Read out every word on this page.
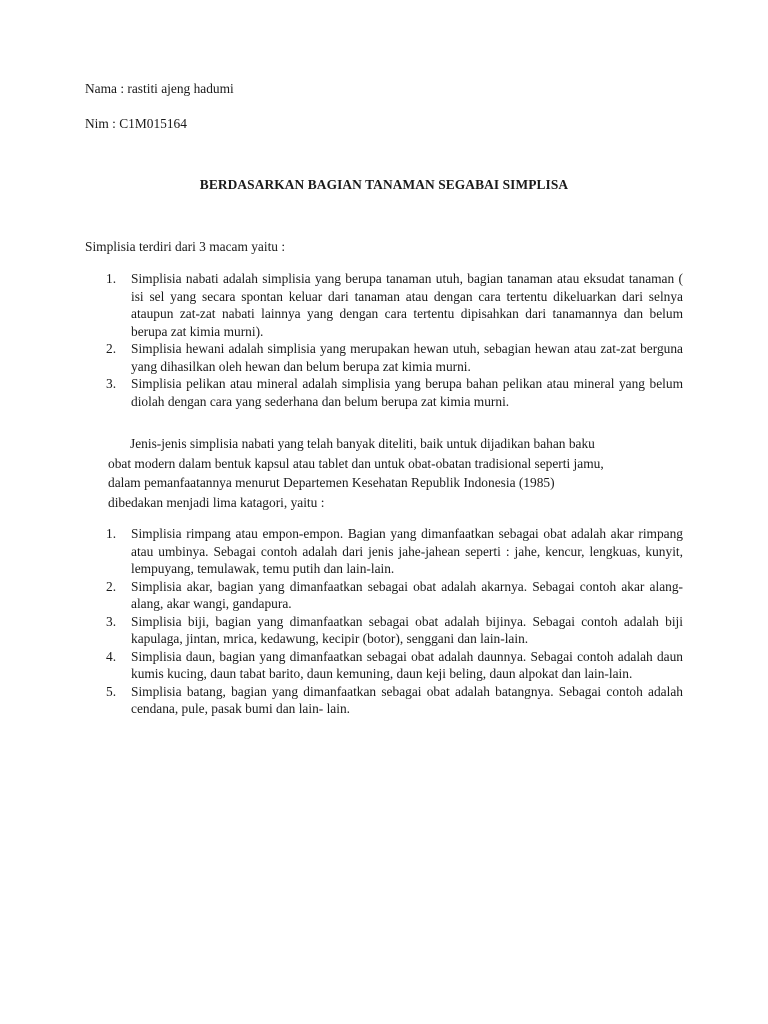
Nama : rastiti ajeng hadumi
Nim : C1M015164
BERDASARKAN BAGIAN TANAMAN SEGABAI SIMPLISA
Simplisia terdiri dari 3 macam yaitu :
1. Simplisia nabati adalah simplisia yang berupa tanaman utuh, bagian tanaman atau eksudat tanaman ( isi sel yang secara spontan keluar dari tanaman atau dengan cara tertentu dikeluarkan dari selnya ataupun zat-zat nabati lainnya yang dengan cara tertentu dipisahkan dari tanamannya dan belum berupa zat kimia murni).
2. Simplisia hewani adalah simplisia yang merupakan hewan utuh, sebagian hewan atau zat-zat berguna yang dihasilkan oleh hewan dan belum berupa zat kimia murni.
3. Simplisia pelikan atau mineral adalah simplisia yang berupa bahan pelikan atau mineral yang belum diolah dengan cara yang sederhana dan belum berupa zat kimia murni.
Jenis-jenis simplisia nabati yang telah banyak diteliti, baik untuk dijadikan bahan baku
obat modern dalam bentuk kapsul atau tablet dan untuk obat-obatan tradisional seperti jamu,
dalam pemanfaatannya menurut Departemen Kesehatan Republik Indonesia (1985)
dibedakan menjadi lima katagori, yaitu :
1. Simplisia rimpang atau empon-empon. Bagian yang dimanfaatkan sebagai obat adalah akar rimpang atau umbinya. Sebagai contoh adalah dari jenis jahe-jahean seperti : jahe, kencur, lengkuas, kunyit, lempuyang, temulawak, temu putih dan lain-lain.
2. Simplisia akar, bagian yang dimanfaatkan sebagai obat adalah akarnya. Sebagai contoh akar alang- alang, akar wangi, gandapura.
3. Simplisia biji, bagian yang dimanfaatkan sebagai obat adalah bijinya. Sebagai contoh adalah biji kapulaga, jintan, mrica, kedawung, kecipir (botor), senggani dan lain-lain.
4. Simplisia daun, bagian yang dimanfaatkan sebagai obat adalah daunnya. Sebagai contoh adalah daun kumis kucing, daun tabat barito, daun kemuning, daun keji beling, daun alpokat dan lain-lain.
5. Simplisia batang, bagian yang dimanfaatkan sebagai obat adalah batangnya. Sebagai contoh adalah cendana, pule, pasak bumi dan lain- lain.
